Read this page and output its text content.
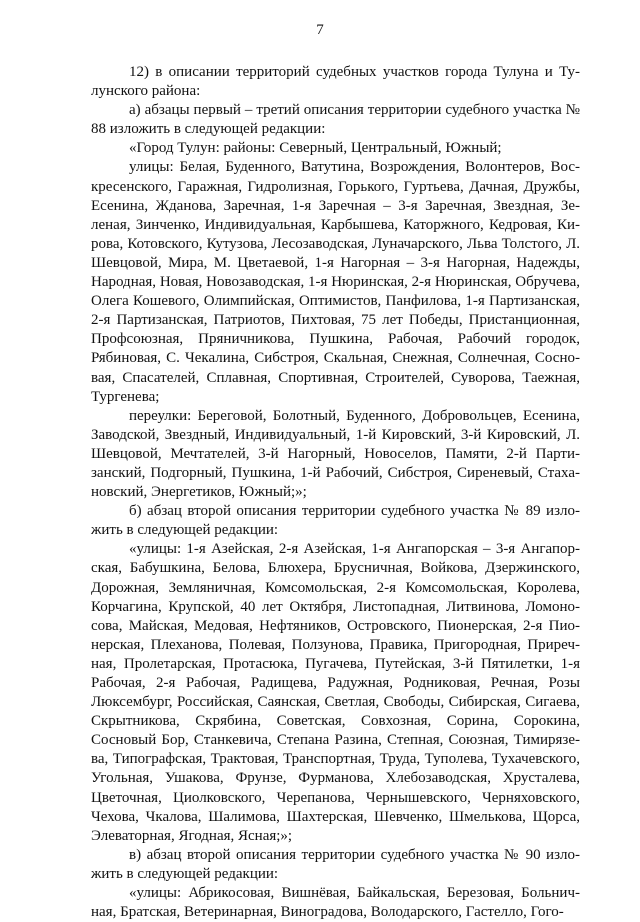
7

12) в описании территорий судебных участков города Тулуна и Тулунского района:

а) абзацы первый – третий описания территории судебного участка № 88 изложить в следующей редакции:

«Город Тулун: районы: Северный, Центральный, Южный;

улицы: Белая, Буденного, Ватутина, Возрождения, Волонтеров, Воскресенского, Гаражная, Гидролизная, Горького, Гуртьева, Дачная, Дружбы, Есенина, Жданова, Заречная, 1-я Заречная – 3-я Заречная, Звездная, Зеленая, Зинченко, Индивидуальная, Карбышева, Каторжного, Кедровая, Кирова, Котовского, Кутузова, Лесозаводская, Луначарского, Льва Толстого, Л. Шевцовой, Мира, М. Цветаевой, 1-я Нагорная – 3-я Нагорная, Надежды, Народная, Новая, Новозаводская, 1-я Нюринская, 2-я Нюринская, Обручева, Олега Кошевого, Олимпийская, Оптимистов, Панфилова, 1-я Партизанская, 2-я Партизанская, Патриотов, Пихтовая, 75 лет Победы, Пристанционная, Профсоюзная, Пряничникова, Пушкина, Рабочая, Рабочий городок, Рябиновая, С. Чекалина, Сибстроя, Скальная, Снежная, Солнечная, Сосновая, Спасателей, Сплавная, Спортивная, Строителей, Суворова, Таежная, Тургенева;

переулки: Береговой, Болотный, Буденного, Добровольцев, Есенина, Заводской, Звездный, Индивидуальный, 1-й Кировский, 3-й Кировский, Л. Шевцовой, Мечтателей, 3-й Нагорный, Новоселов, Памяти, 2-й Партизанский, Подгорный, Пушкина, 1-й Рабочий, Сибстроя, Сиреневый, Стахановский, Энергетиков, Южный;»;

б) абзац второй описания территории судебного участка № 89 изложить в следующей редакции:

«улицы: 1-я Азейская, 2-я Азейская, 1-я Ангапорская – 3-я Ангапорская, Бабушкина, Белова, Блюхера, Брусничная, Войкова, Дзержинского, Дорожная, Земляничная, Комсомольская, 2-я Комсомольская, Королева, Корчагина, Крупской, 40 лет Октября, Листопадная, Литвинова, Ломоносова, Майская, Медовая, Нефтяников, Островского, Пионерская, 2-я Пионерская, Плеханова, Полевая, Ползунова, Правика, Пригородная, Приречная, Пролетарская, Протасюка, Пугачева, Путейская, 3-й Пятилетки, 1-я Рабочая, 2-я Рабочая, Радищева, Радужная, Родниковая, Речная, Розы Люксембург, Российская, Саянская, Светлая, Свободы, Сибирская, Сигаева, Скрытникова, Скрябина, Советская, Совхозная, Сорина, Сорокина, Сосновый Бор, Станкевича, Степана Разина, Степная, Союзная, Тимирязева, Типографская, Трактовая, Транспортная, Труда, Туполева, Тухачевского, Угольная, Ушакова, Фрунзе, Фурманова, Хлебозаводская, Хрусталева, Цветочная, Циолковского, Черепанова, Чернышевского, Черняховского, Чехова, Чкалова, Шалимова, Шахтерская, Шевченко, Шмелькова, Щорса, Элеваторная, Ягодная, Ясная;»;

в) абзац второй описания территории судебного участка № 90 изложить в следующей редакции:

«улицы: Абрикосовая, Вишнёвая, Байкальская, Березовая, Больничная, Братская, Ветеринарная, Виноградова, Володарского, Гастелло, Гого-
